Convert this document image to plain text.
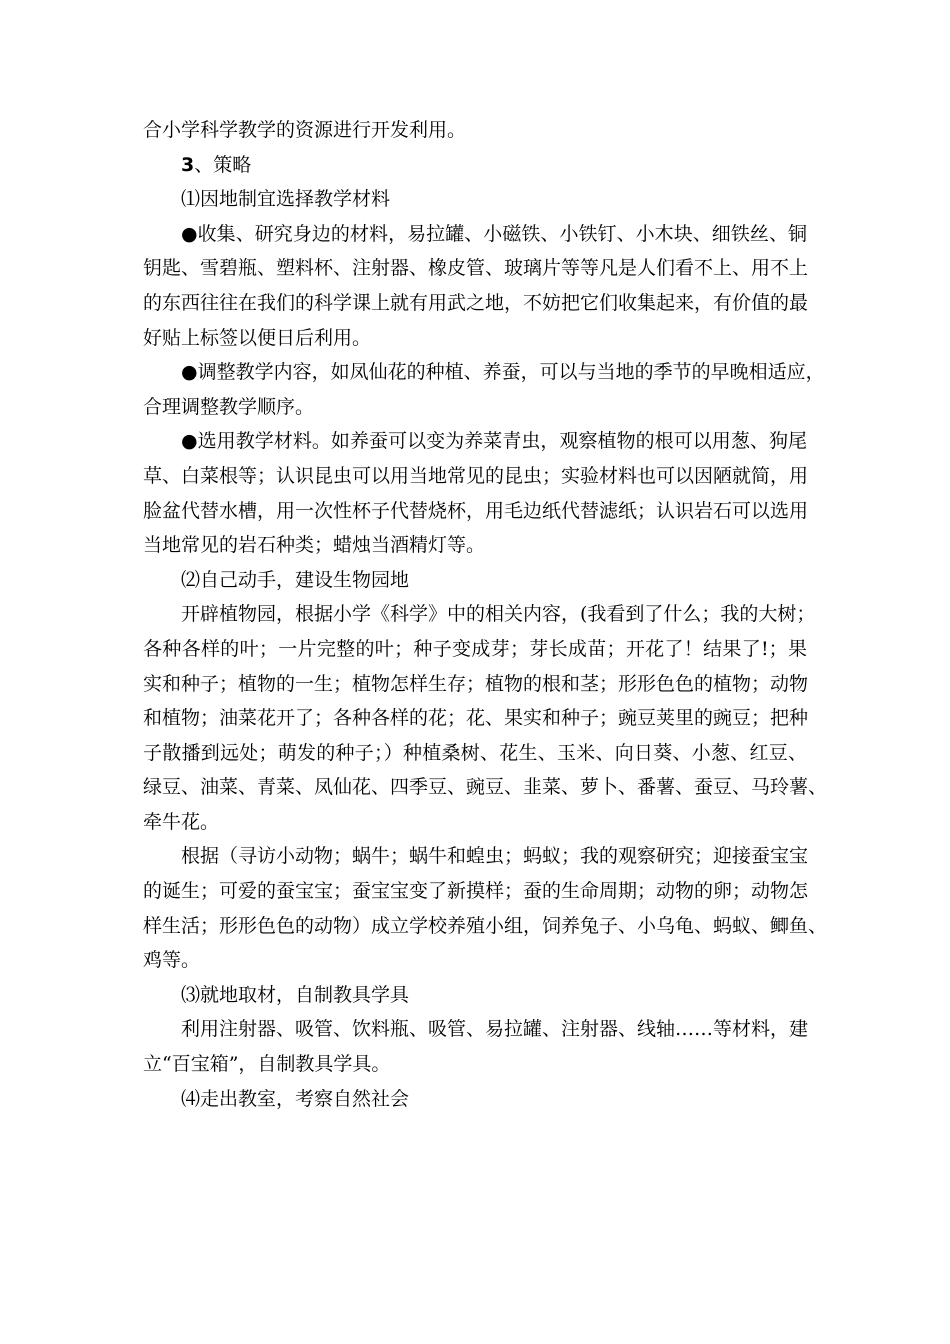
合小学科学教学的资源进行开发利用。

3、策略

⑴因地制宜选择教学材料

●收集、研究身边的材料，易拉罐、小磁铁、小铁钉、小木块、细铁丝、铜

钥匙、雪碧瓶、塑料杯、注射器、橡皮管、玻璃片等等凡是人们看不上、用不上

的东西往往在我们的科学课上就有用武之地，不妨把它们收集起来，有价值的最

好贴上标签以便日后利用。

●调整教学内容，如凤仙花的种植、养蚕，可以与当地的季节的早晚相适应，

合理调整教学顺序。

●选用教学材料。如养蚕可以变为养菜青虫，观察植物的根可以用葱、狗尾

草、白菜根等；认识昆虫可以用当地常见的昆虫；实验材料也可以因陋就简，用

脸盆代替水槽，用一次性杯子代替烧杯，用毛边纸代替滤纸；认识岩石可以选用

当地常见的岩石种类；蜡烛当酒精灯等。

⑵自己动手，建设生物园地

开辟植物园，根据小学《科学》中的相关内容，(我看到了什么；我的大树；

各种各样的叶；一片完整的叶；种子变成芽；芽长成苗；开花了！结果了!；果

实和种子；植物的一生；植物怎样生存；植物的根和茎；形形色色的植物；动物

和植物；油菜花开了；各种各样的花；花、果实和种子；豌豆荚里的豌豆；把种

子散播到远处；萌发的种子；）种植桑树、花生、玉米、向日葵、小葱、红豆、

绿豆、油菜、青菜、凤仙花、四季豆、豌豆、韭菜、萝卜、番薯、蚕豆、马玲薯、

牵牛花。

根据（寻访小动物；蜗牛；蜗牛和蝗虫；蚂蚁；我的观察研究；迎接蚕宝宝

的诞生；可爱的蚕宝宝；蚕宝宝变了新摸样；蚕的生命周期；动物的卵；动物怎

样生活；形形色色的动物）成立学校养殖小组，饲养兔子、小乌龟、蚂蚁、鲫鱼、

鸡等。

⑶就地取材，自制教具学具

利用注射器、吸管、饮料瓶、吸管、易拉罐、注射器、线轴……等材料，建

立“百宝箱”，自制教具学具。

⑷走出教室，考察自然社会
